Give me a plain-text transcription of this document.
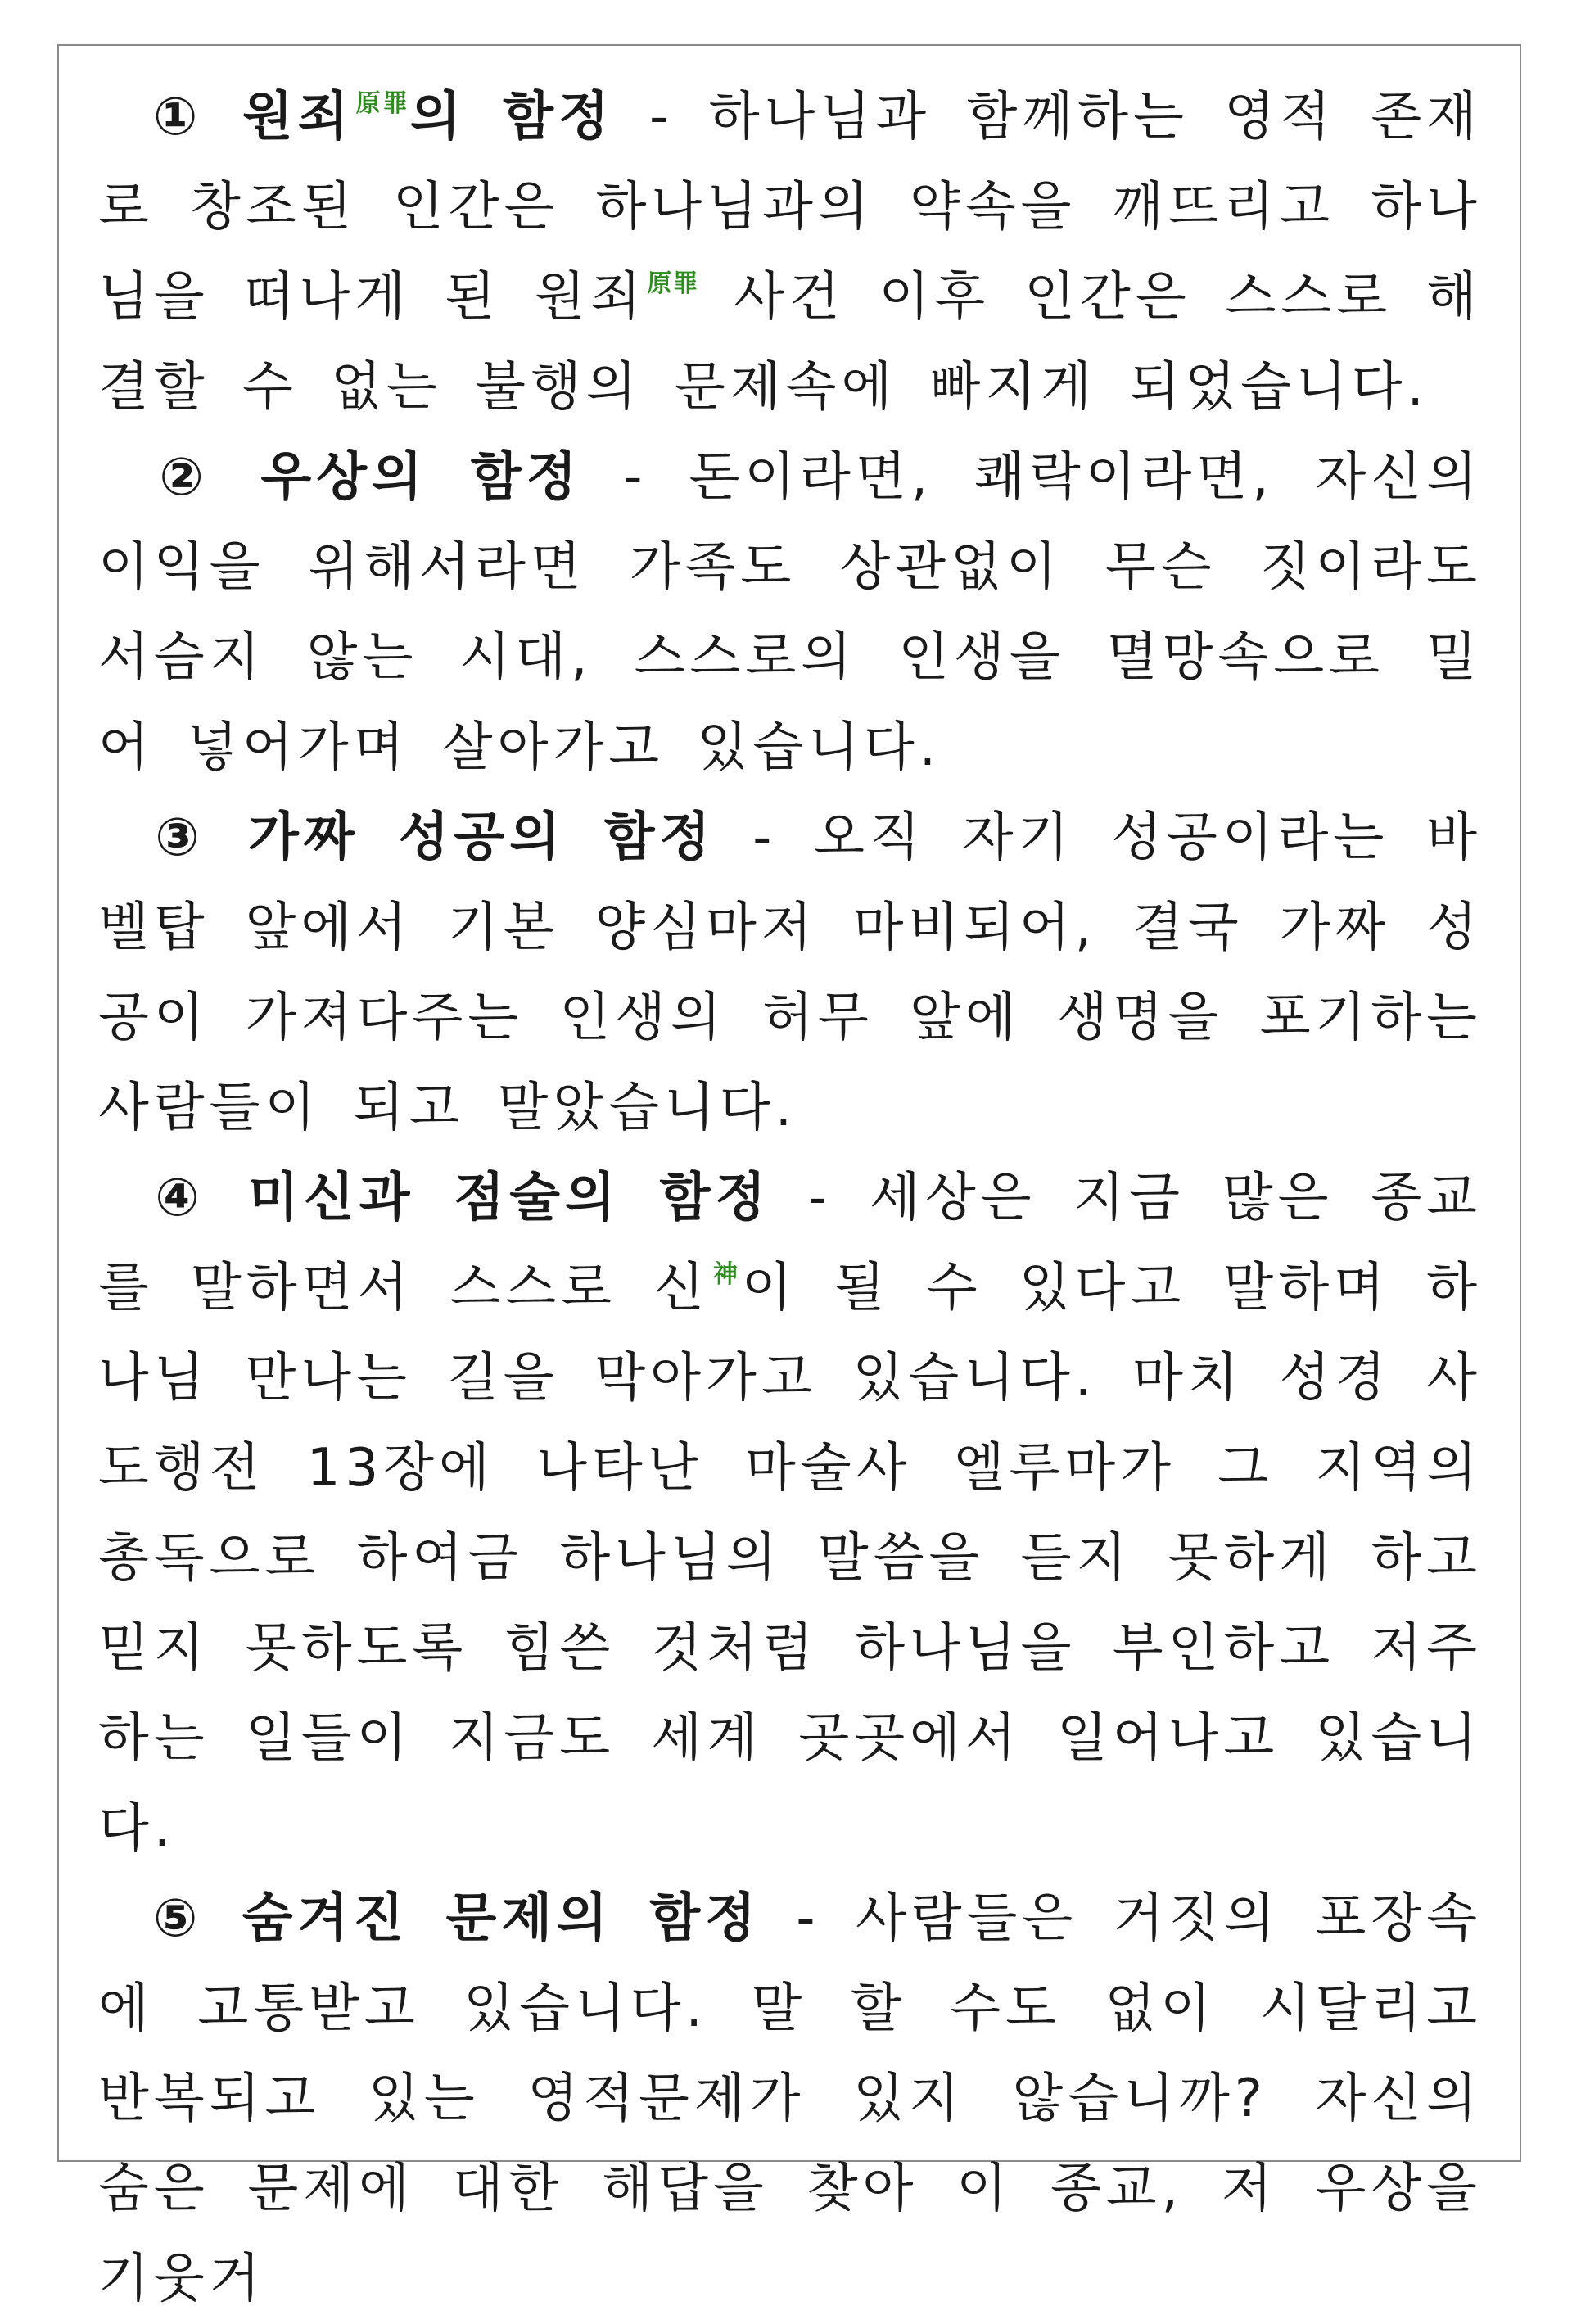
① 원죄$^{原罪}$의 함정 - 하나님과 함께하는 영적 존재로 창조된 인간은 하나님과의 약속을 깨뜨리고 하나님을 떠나게 된 원죄$^{原罪}$ 사건 이후 인간은 스스로 해결할 수 없는 불행의 문제속에 빠지게 되었습니다.

② 우상의 함정 - 돈이라면, 쾌락이라면, 자신의 이익을 위해서라면 가족도 상관없이 무슨 짓이라도 서슴지 않는 시대, 스스로의 인생을 멸망속으로 밀어 넣어가며 살아가고 있습니다.

③ 가짜 성공의 함정 - 오직 자기 성공이라는 바벨탑 앞에서 기본 양심마저 마비되어, 결국 가짜 성공이 가져다주는 인생의 허무 앞에 생명을 포기하는 사람들이 되고 말았습니다.

④ 미신과 점술의 함정 - 세상은 지금 많은 종교를 말하면서 스스로 신$^神$이 될 수 있다고 말하며 하나님 만나는 길을 막아가고 있습니다. 마치 성경 사도행전 13장에 나타난 마술사 엘루마가 그 지역의 총독으로 하여금 하나님의 말씀을 듣지 못하게 하고 믿지 못하도록 힘쓴 것처럼 하나님을 부인하고 저주하는 일들이 지금도 세계 곳곳에서 일어나고 있습니다.

⑤ 숨겨진 문제의 함정 - 사람들은 거짓의 포장속에 고통받고 있습니다. 말 할 수도 없이 시달리고 반복되고 있는 영적문제가 있지 않습니까? 자신의 숨은 문제에 대한 해답을 찾아 이 종교, 저 우상을 기웃거
